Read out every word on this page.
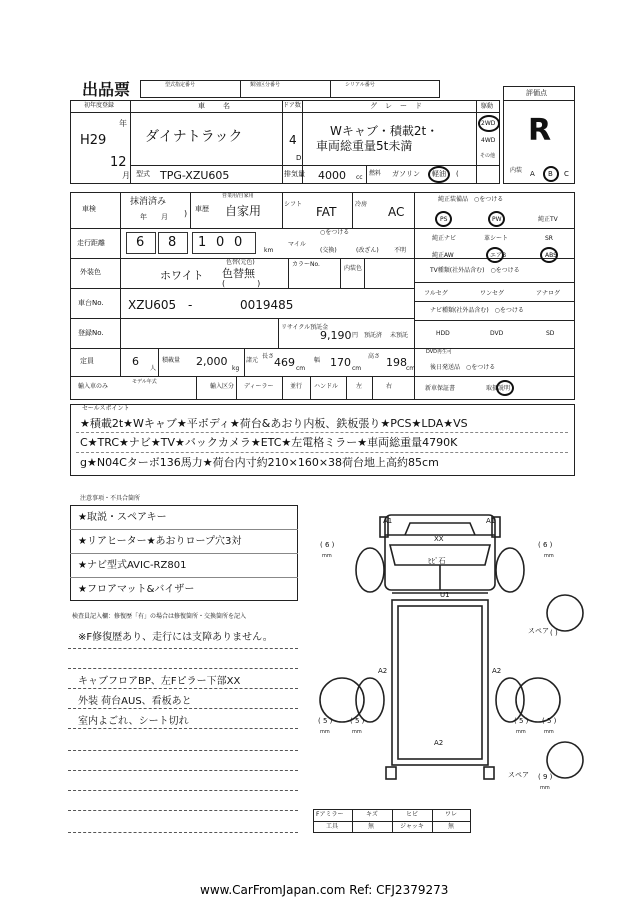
出品票	型式指定番号	類別区分番号	シリアル番号
評価点
R
初年度登録
H29
年
12
月
車名
ダイナトラック
ドア数
4
D
グレード
Wキャブ・積載2t・
車両総重量5t未満
駆動
2WD
4WD
その他
型式 TPG-XZU605	排気量 4000 cc
燃料 ガソリン 軽油 (	内装 A B C
車検
抹消済み
年　　月 ) 車歴
営業用/自家用
自家用	シフト
FAT
冷房
AC
純正装備品　○をつける
PS	PW	純正TV
純正ナビ	革シート	SR
純正AW	エアB	ABS
走行距離 6 8 1 0 0
km
○をつける
マイル
(交換)	(改ざん)	不明
外装色	ホワイト
色替(元色)
色替無
(　　　　)
カラーNo.
内装色	TV種類(社外品含む)　○をつける
フルセグ	ワンセグ	アナログ
車台No. XZU605 -	0019485	ナビ種類(社外品含む)　○をつける
HDD	DVD	SD
DVD再生可
登録No.
リサイクル預託金
9,190 円 預託済 未預託
定員	6
人
積載量 2,000
kg
諸元
長さ 469 cm
幅 170 cm
高さ 198 cm 後日発送品　○をつける
新車保証書	取扱説明
輸入車のみ
モデル年式
輸入区分 ディーラー	並行 ハンドル	左	右
セールスポイント
★積載2t★Wキャブ★平ボディ★荷台&あおり内板、鉄板張り★PCS★LDA★VS
C★TRC★ナビ★TV★バックカメラ★ETC★左電格ミラー★車両総重量4790K
g★N04Cターボ136馬力★荷台内寸約210×160×38荷台地上高約85cm
注意事項・不具合箇所
★取説・スペアキー
★リアヒーター★あおりロープ穴3対
★ナビ型式AVIC-RZ801
★フロアマット&バイザー
検査員記入欄：修復歴「有」の場合は修復箇所・交換箇所を記入
※F修復歴あり、走行には支障ありません。
キャブフロアBP、左Fピラー下部XX
外装 荷台AUS、看板あと
室内よごれ、シート切れ
A1	A1
XX
ﾋﾋﾞ石
U1
A2	A2
A2
( 6 )
mm
( 6 )
mm
( 5 )
mm
( 5 )
mm
( 5 )
mm
( 5 )
mm
スペア ( )
スペア ( 9 )
mm
Fアミラー	キズ	ヒビ	ワレ
工具	無	ジャッキ	無
www.CarFromJapan.com Ref: CFJ2379273
